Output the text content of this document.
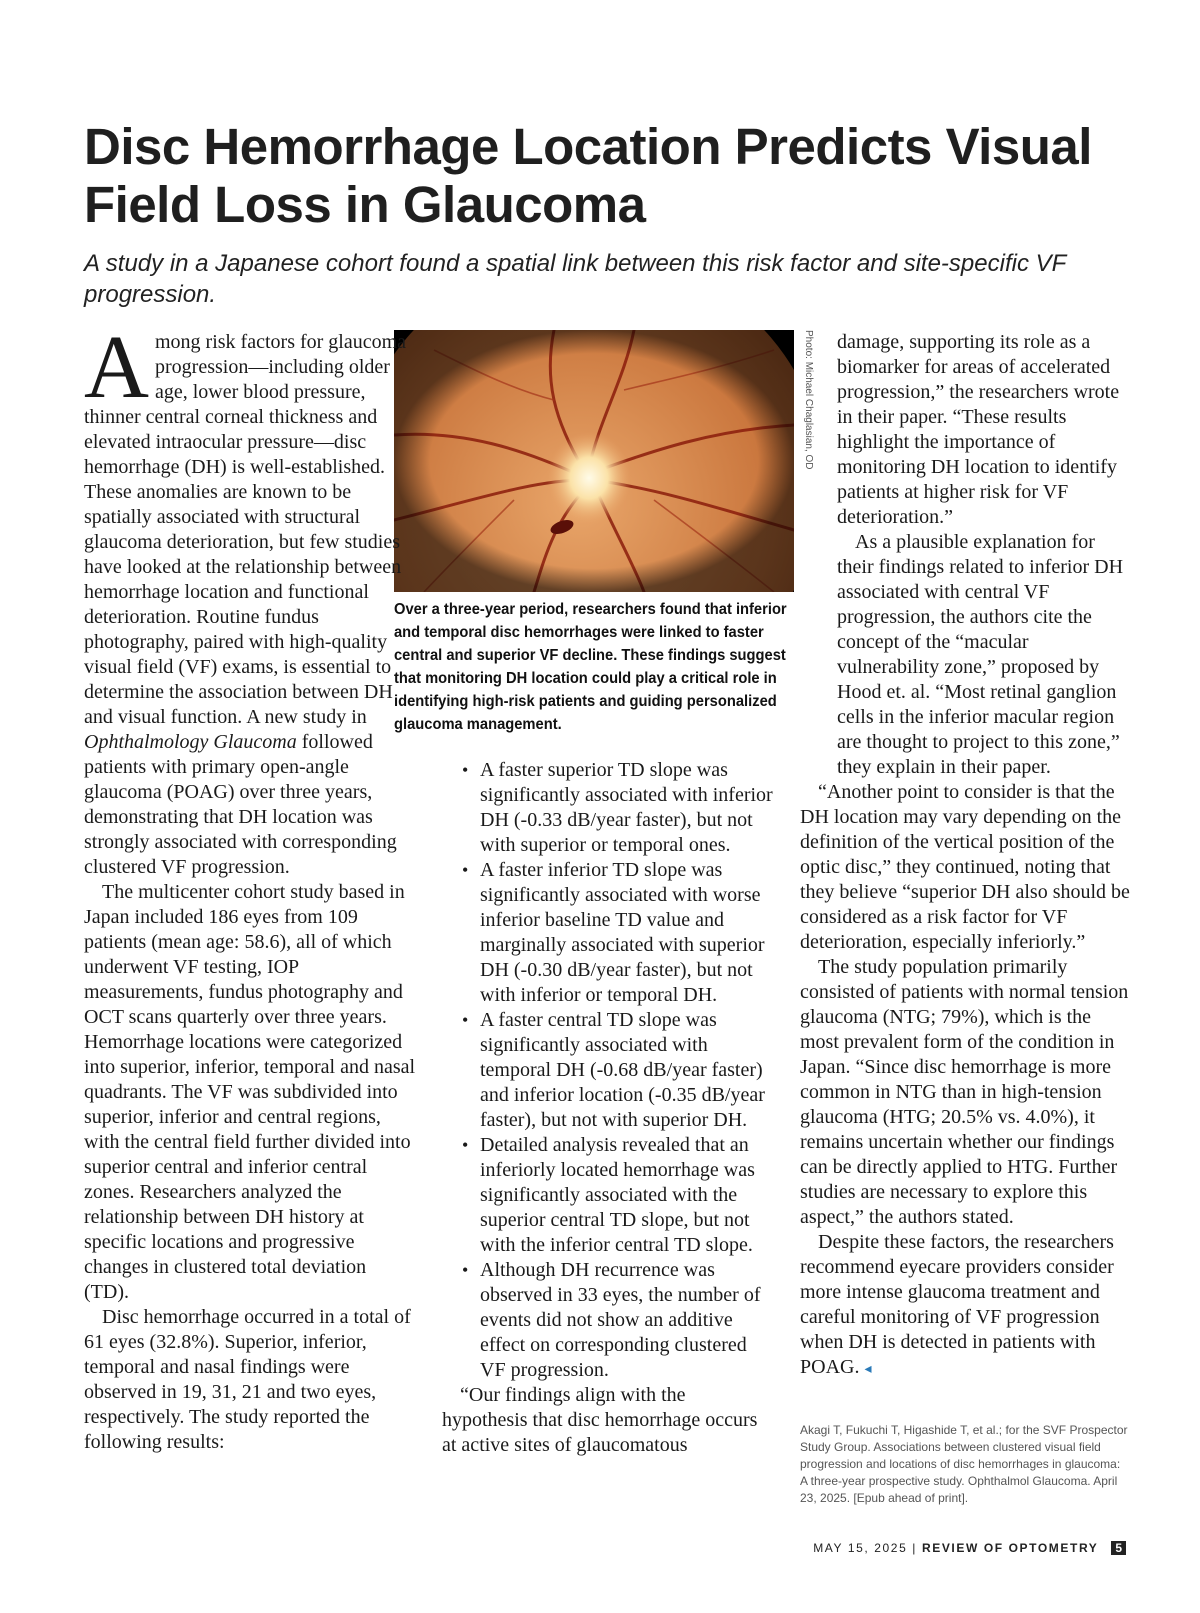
Disc Hemorrhage Location Predicts Visual Field Loss in Glaucoma

A study in a Japanese cohort found a spatial link between this risk factor and site-specific VF progression.

Photo: Michael Chaglasian, OD

Over a three-year period, researchers found that inferior and temporal disc hemorrhages were linked to faster central and superior VF decline. These findings suggest that monitoring DH location could play a critical role in identifying high-risk patients and guiding personalized glaucoma management.

Among risk factors for glaucoma progression—including older age, lower blood pressure, thinner central corneal thickness and elevated intraocular pressure—disc hemorrhage (DH) is well-established. These anomalies are known to be spatially associated with structural glaucoma deterioration, but few studies have looked at the relationship between hemorrhage location and functional deterioration. Routine fundus photography, paired with high-quality visual field (VF) exams, is essential to determine the association between DH and visual function. A new study in Ophthalmology Glaucoma followed patients with primary open-angle glaucoma (POAG) over three years, demonstrating that DH location was strongly associated with corresponding clustered VF progression.

The multicenter cohort study based in Japan included 186 eyes from 109 patients (mean age: 58.6), all of which underwent VF testing, IOP measurements, fundus photography and OCT scans quarterly over three years. Hemorrhage locations were categorized into superior, inferior, temporal and nasal quadrants. The VF was subdivided into superior, inferior and central regions, with the central field further divided into superior central and inferior central zones. Researchers analyzed the relationship between DH history at specific locations and progressive changes in clustered total deviation (TD).

Disc hemorrhage occurred in a total of 61 eyes (32.8%). Superior, inferior, temporal and nasal findings were observed in 19, 31, 21 and two eyes, respectively. The study reported the following results:

• A faster superior TD slope was significantly associated with inferior DH (-0.33 dB/year faster), but not with superior or temporal ones.
• A faster inferior TD slope was significantly associated with worse inferior baseline TD value and marginally associated with superior DH (-0.30 dB/year faster), but not with inferior or temporal DH.
• A faster central TD slope was significantly associated with temporal DH (-0.68 dB/year faster) and inferior location (-0.35 dB/year faster), but not with superior DH.
• Detailed analysis revealed that an inferiorly located hemorrhage was significantly associated with the superior central TD slope, but not with the inferior central TD slope.
• Although DH recurrence was observed in 33 eyes, the number of events did not show an additive effect on corresponding clustered VF progression.

“Our findings align with the hypothesis that disc hemorrhage occurs at active sites of glaucomatous

damage, supporting its role as a biomarker for areas of accelerated progression,” the researchers wrote in their paper. “These results highlight the importance of monitoring DH location to identify patients at higher risk for VF deterioration.”

As a plausible explanation for their findings related to inferior DH associated with central VF progression, the authors cite the concept of the “macular vulnerability zone,” proposed by Hood et. al. “Most retinal ganglion cells in the inferior macular region are thought to project to this zone,” they explain in their paper.

“Another point to consider is that the DH location may vary depending on the definition of the vertical position of the optic disc,” they continued, noting that they believe “superior DH also should be considered as a risk factor for VF deterioration, especially inferiorly.”

The study population primarily consisted of patients with normal tension glaucoma (NTG; 79%), which is the most prevalent form of the condition in Japan. “Since disc hemorrhage is more common in NTG than in high-tension glaucoma (HTG; 20.5% vs. 4.0%), it remains uncertain whether our findings can be directly applied to HTG. Further studies are necessary to explore this aspect,” the authors stated.

Despite these factors, the researchers recommend eyecare providers consider more intense glaucoma treatment and careful monitoring of VF progression when DH is detected in patients with POAG. ◂

Akagi T, Fukuchi T, Higashide T, et al.; for the SVF Prospector Study Group. Associations between clustered visual field progression and locations of disc hemorrhages in glaucoma: A three-year prospective study. Ophthalmol Glaucoma. April 23, 2025. [Epub ahead of print].
MAY 15, 2025 | REVIEW OF OPTOMETRY 5
